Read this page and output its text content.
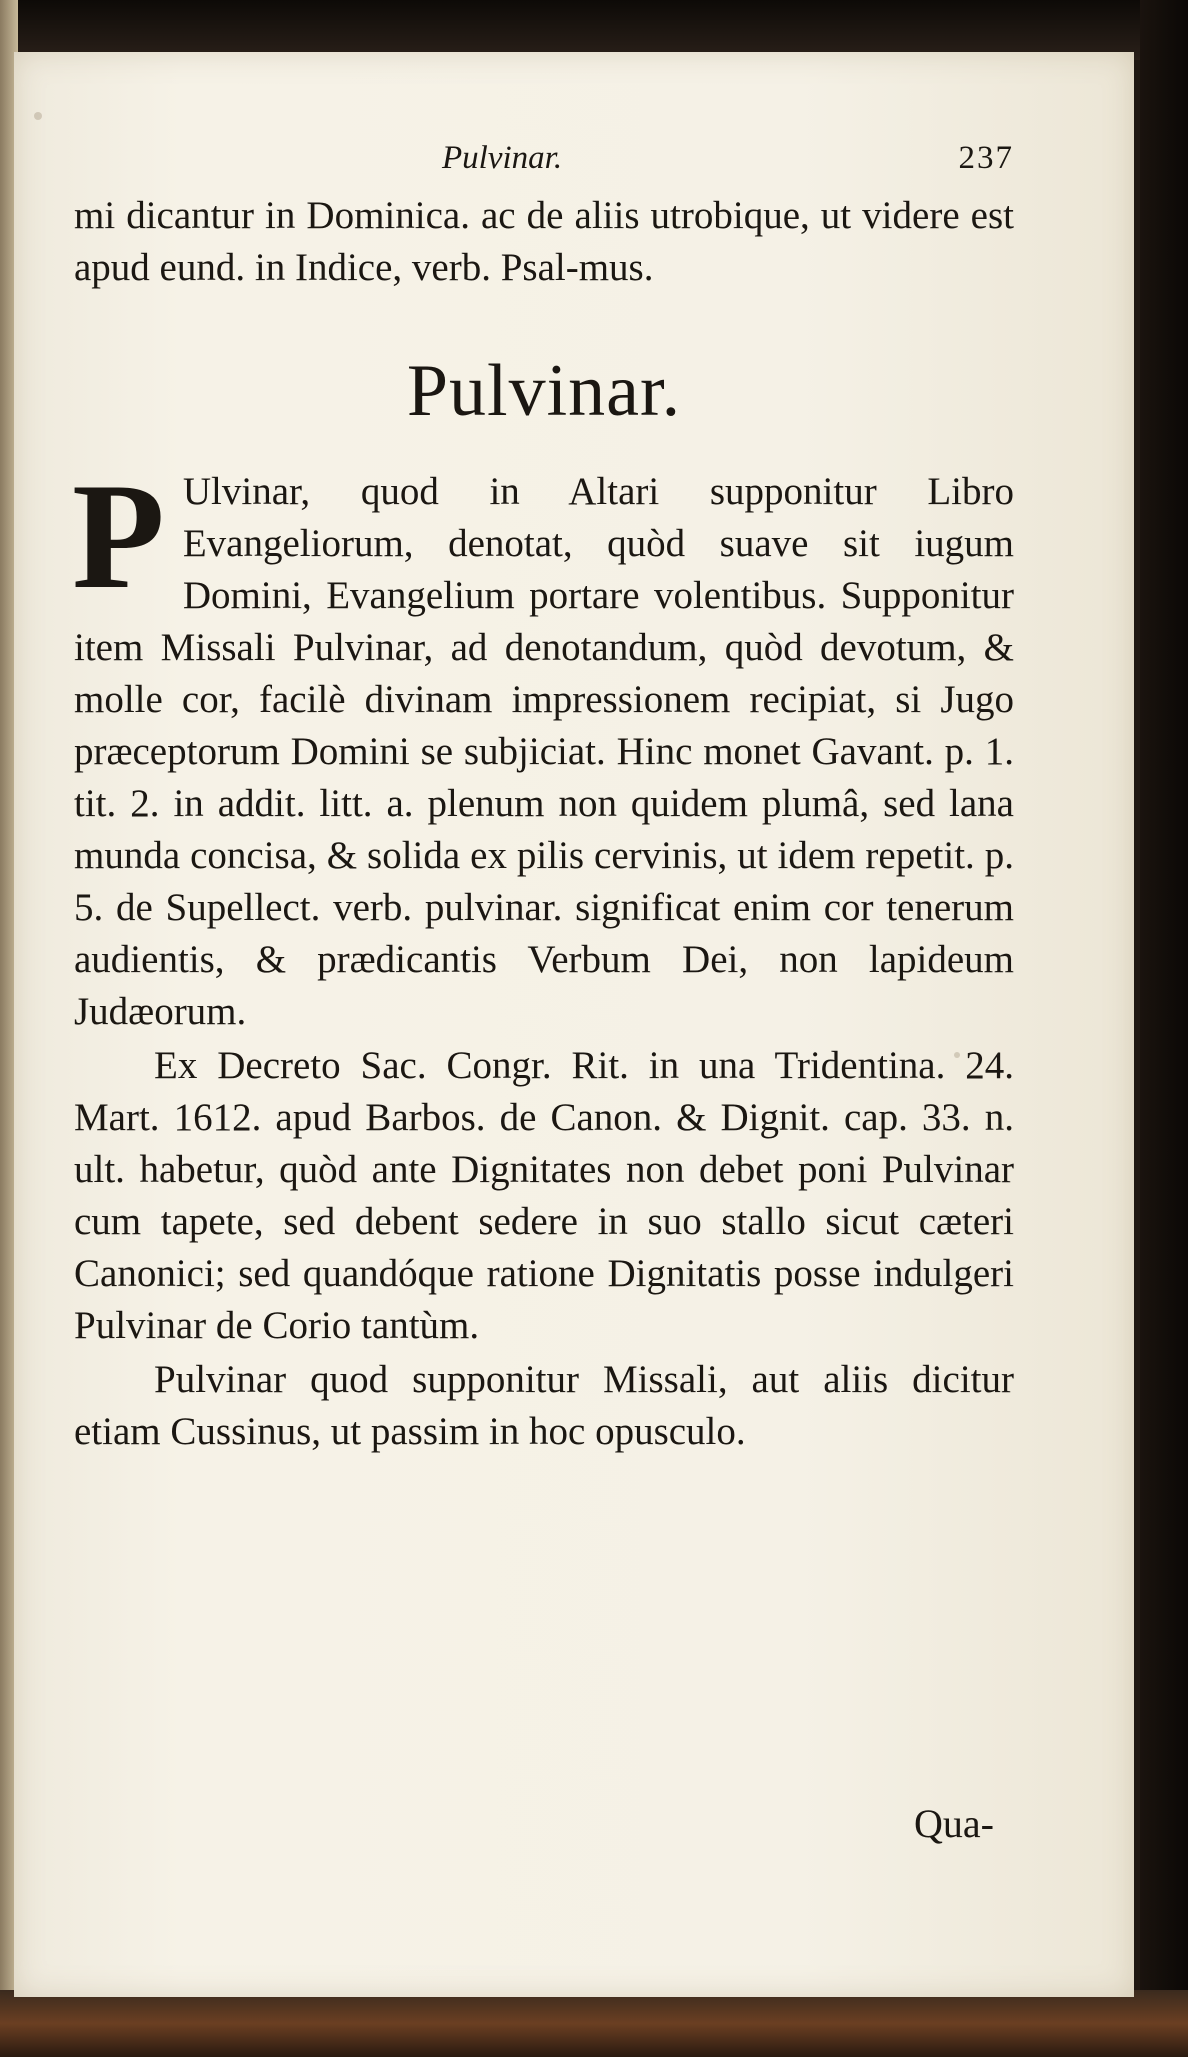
Pulvinar.	237

mi dicantur in Dominica. ac de aliis utrobique, ut videre est apud eund. in Indice, verb. Psal-mus.

Pulvinar.

P Ulvinar, quod in Altari supponitur Libro Evangeliorum, denotat, quòd suave sit iugum Domini, Evangelium portare volentibus. Supponitur item Missali Pulvinar, ad denotandum, quòd devotum, & molle cor, facilè divinam impressionem recipiat, si Jugo præceptorum Domini se subjiciat. Hinc monet Gavant. p. 1. tit. 2. in addit. litt. a. plenum non quidem plumâ, sed lana munda concisa, & solida ex pilis cervinis, ut idem repetit. p. 5. de Supellect. verb. pulvinar. significat enim cor tenerum audientis, & prædicantis Verbum Dei, non lapideum Judæorum.

Ex Decreto Sac. Congr. Rit. in una Tridentina. 24. Mart. 1612. apud Barbos. de Canon. & Dignit. cap. 33. n. ult. habetur, quòd ante Dignitates non debet poni Pulvinar cum tapete, sed debent sedere in suo stallo sicut cæteri Canonici; sed quandóque ratione Dignitatis posse indulgeri Pulvinar de Corio tantùm.

Pulvinar quod supponitur Missali, aut aliis dicitur etiam Cussinus, ut passim in hoc opusculo.

Qua-
